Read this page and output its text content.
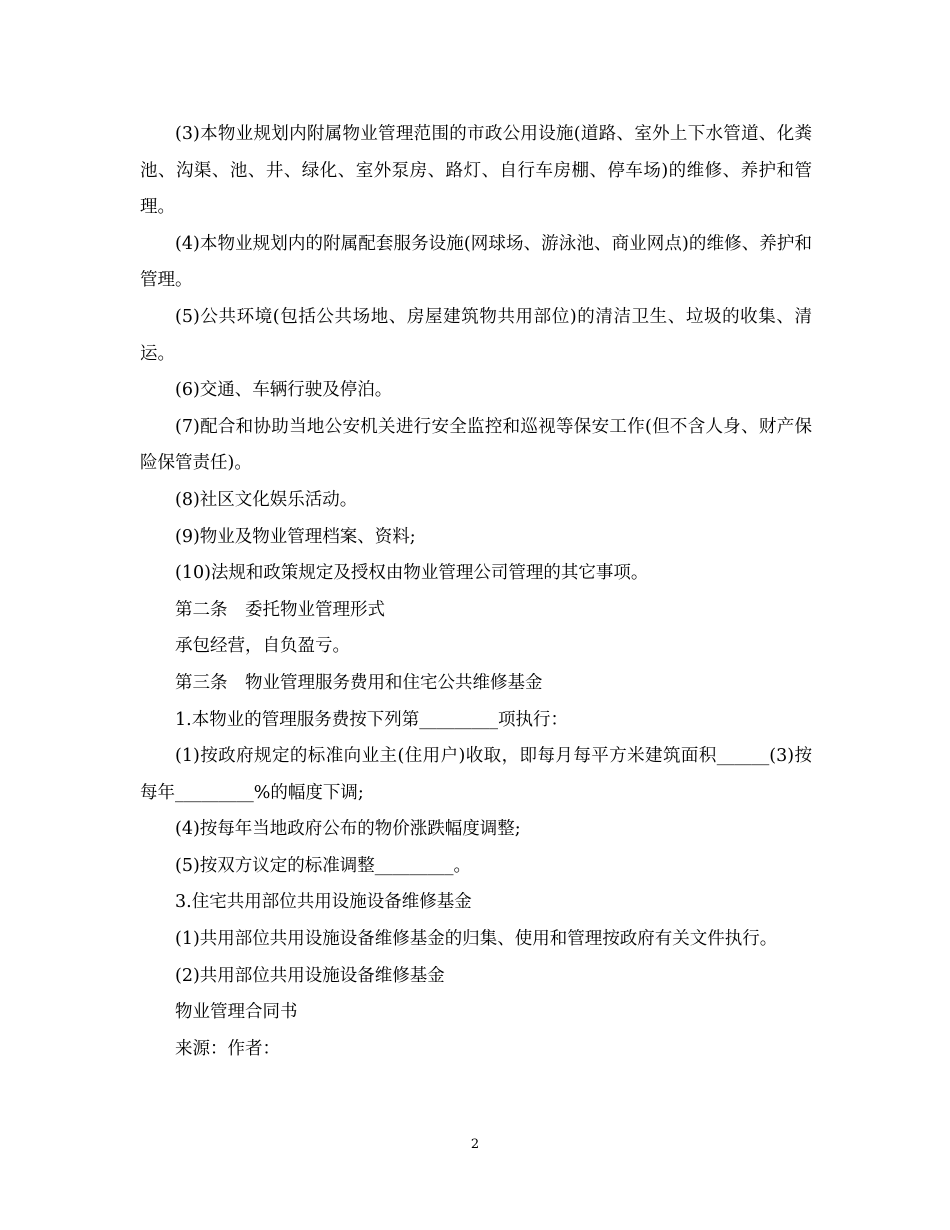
(3)本物业规划内附属物业管理范围的市政公用设施(道路、室外上下水管道、化粪池、沟渠、池、井、绿化、室外泵房、路灯、自行车房棚、停车场)的维修、养护和管理。

(4)本物业规划内的附属配套服务设施(网球场、游泳池、商业网点)的维修、养护和管理。

(5)公共环境(包括公共场地、房屋建筑物共用部位)的清洁卫生、垃圾的收集、清运。

(6)交通、车辆行驶及停泊。

(7)配合和协助当地公安机关进行安全监控和巡视等保安工作(但不含人身、财产保险保管责任)。

(8)社区文化娱乐活动。

(9)物业及物业管理档案、资料;

(10)法规和政策规定及授权由物业管理公司管理的其它事项。

第二条　委托物业管理形式

承包经营，自负盈亏。

第三条　物业管理服务费用和住宅公共维修基金

1.本物业的管理服务费按下列第_________项执行：

(1)按政府规定的标准向业主(住用户)收取，即每月每平方米建筑面积______(3)按每年_________%的幅度下调;

(4)按每年当地政府公布的物价涨跌幅度调整;

(5)按双方议定的标准调整_________。

3.住宅共用部位共用设施设备维修基金

(1)共用部位共用设施设备维修基金的归集、使用和管理按政府有关文件执行。

(2)共用部位共用设施设备维修基金

物业管理合同书

来源：作者：

2
